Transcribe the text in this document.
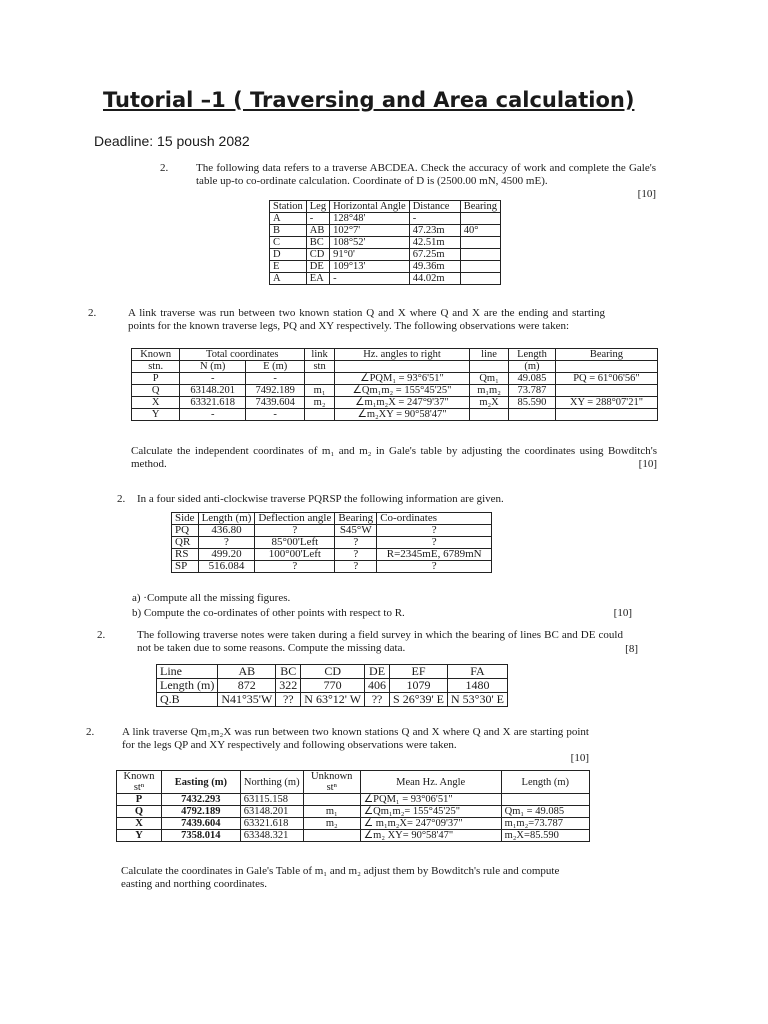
Tutorial –1 ( Traversing and Area calculation)
Deadline: 15 poush 2082
2.	The following data refers to a traverse ABCDEA. Check the accuracy of work and complete the Gale's table up-to co-ordinate calculation. Coordinate of D is (2500.00 mN, 4500 mE).
[10]
Station	Leg	Horizontal Angle	Distance	Bearing
A	-	128°48'	-	
B	AB	102°7'	47.23m	40°
C	BC	108°52'	42.51m	
D	CD	91°0'	67.25m	
E	DE	109°13'	49.36m	
A	EA	-	44.02m	
2.	A link traverse was run between two known station Q and X where Q and X are the ending and starting points for the known traverse legs, PQ and XY respectively. The following observations were taken:
Known	Total coordinates		link	Hz. angles to right	line	Length	Bearing
stn.	N (m)	E (m)	stn			(m)	
P	-	-		∠PQM₁ = 93°6'51"	Qm₁	49.085	PQ = 61°06'56"
Q	63148.201	7492.189	m₁	∠Qm₁m₂ = 155°45'25"	m₁m₂	73.787	
X	63321.618	7439.604	m₂	∠m₁m₂X = 247°9'37"	m₂X	85.590	XY = 288°07'21"
Y	-	-		∠m₂XY = 90°58'47"			
Calculate the independent coordinates of m₁ and m₂ in Gale's table by adjusting the coordinates using Bowditch's method.	[10]
2. In a four sided anti-clockwise traverse PQRSP the following information are given.
Side	Length (m)	Deflection angle	Bearing	Co-ordinates
PQ	436.80	?	S45°W	?
QR	?	85°00'Left	?	?
RS	499.20	100°00'Left	?	R=2345mE, 6789mN
SP	516.084	?	?	?
a) ·Compute all the missing figures.
b) Compute the co-ordinates of other points with respect to R.	[10]
2.	The following traverse notes were taken during a field survey in which the bearing of lines BC and DE could not be taken due to some reasons. Compute the missing data.	[8]
Line	AB	BC	CD	DE	EF	FA
Length (m)	872	322	770	406	1079	1480
Q.B	N41°35'W	??	N 63°12' W	??	S 26°39' E	N 53°30' E
2.	A link traverse Qm₁m₂X was run between two known stations Q and X where Q and X are starting point for the legs QP and XY respectively and following observations were taken.
[10]
Known stⁿ	Easting (m)	Northing (m)	Unknown stⁿ	Mean Hz. Angle	Length (m)
P	7432.293	63115.158		∠PQM₁ = 93°06'51"	
Q	4792.189	63148.201	m₁	∠Qm₁m₂= 155°45'25"	Qm₁ = 49.085
X	7439.604	63321.618	m₂	∠ m₁m₂X= 247°09'37"	m₁m₂=73.787
Y	7358.014	63348.321		∠m₂ XY= 90°58'47"	m₂X=85.590
Calculate the coordinates in Gale's Table of m₁ and m₂ adjust them by Bowditch's rule and compute easting and northing coordinates.
